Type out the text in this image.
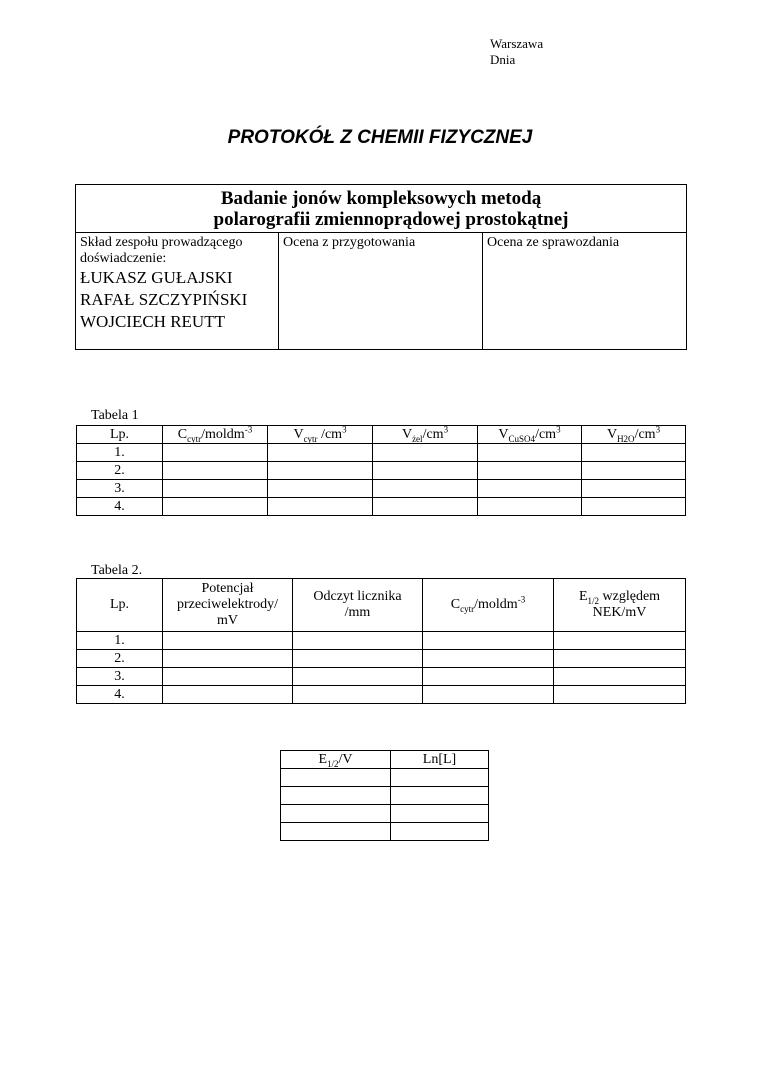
Warszawa
Dnia
PROTOKÓŁ Z CHEMII FIZYCZNEJ
Badanie jonów kompleksowych metodą
polarografii zmiennoprądowej prostokątnej

Skład zespołu prowadzącego
doświadczenie:
ŁUKASZ GUŁAJSKI
RAFAŁ SZCZYPIŃSKI
WOJCIECH REUTT

Ocena z przygotowania	Ocena ze sprawozdania
Tabela 1
Lp.	$C_{cytr}/moldm^{-3}$	$V_{cytr}$ $/cm^3$	$V_{żel}/cm^3$	$V_{CuSO4}/cm^3$	$V_{H2O}/cm^3$
1.					
2.					
3.					
4.					
Tabela 2.
Lp.	Potencjał przeciwelektrody/ mV	Odczyt licznika /mm	$C_{cytr}/moldm^{-3}$	$E_{1/2}$ względem NEK/mV
1.				
2.				
3.				
4.				
$E_{1/2}/V$	Ln[L]
